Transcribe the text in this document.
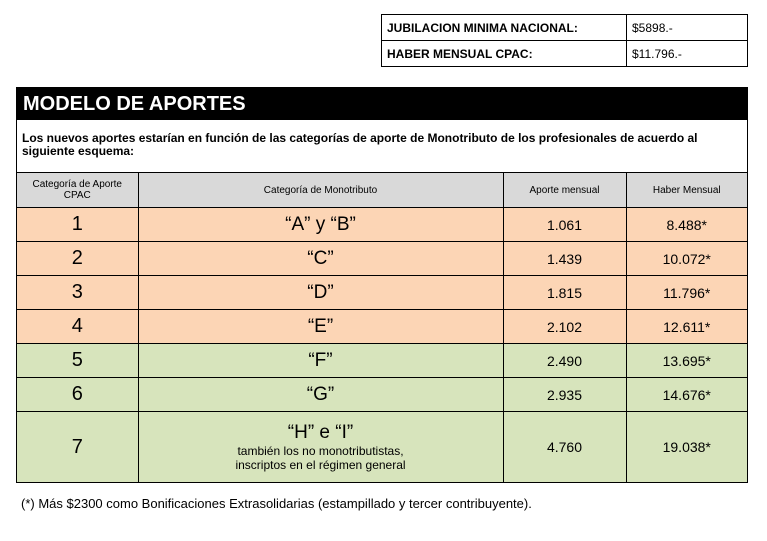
JUBILACION MINIMA NACIONAL:	$5898.-
HABER MENSUAL CPAC:	$11.796.-
MODELO DE APORTES
Los nuevos aportes estarían en función de las categorías de aporte de Monotributo de los profesionales de acuerdo al siguiente esquema:
Categoría de Aporte CPAC	Categoría de Monotributo	Aporte mensual	Haber Mensual
1	“A” y “B”	1.061	8.488*
2	“C”	1.439	10.072*
3	“D”	1.815	11.796*
4	“E”	2.102	12.611*
5	“F”	2.490	13.695*
6	“G”	2.935	14.676*
7	“H” e “I”
también los no monotributistas,
inscriptos en el régimen general	4.760	19.038*
(*) Más $2300 como Bonificaciones Extrasolidarias (estampillado y tercer contribuyente).
